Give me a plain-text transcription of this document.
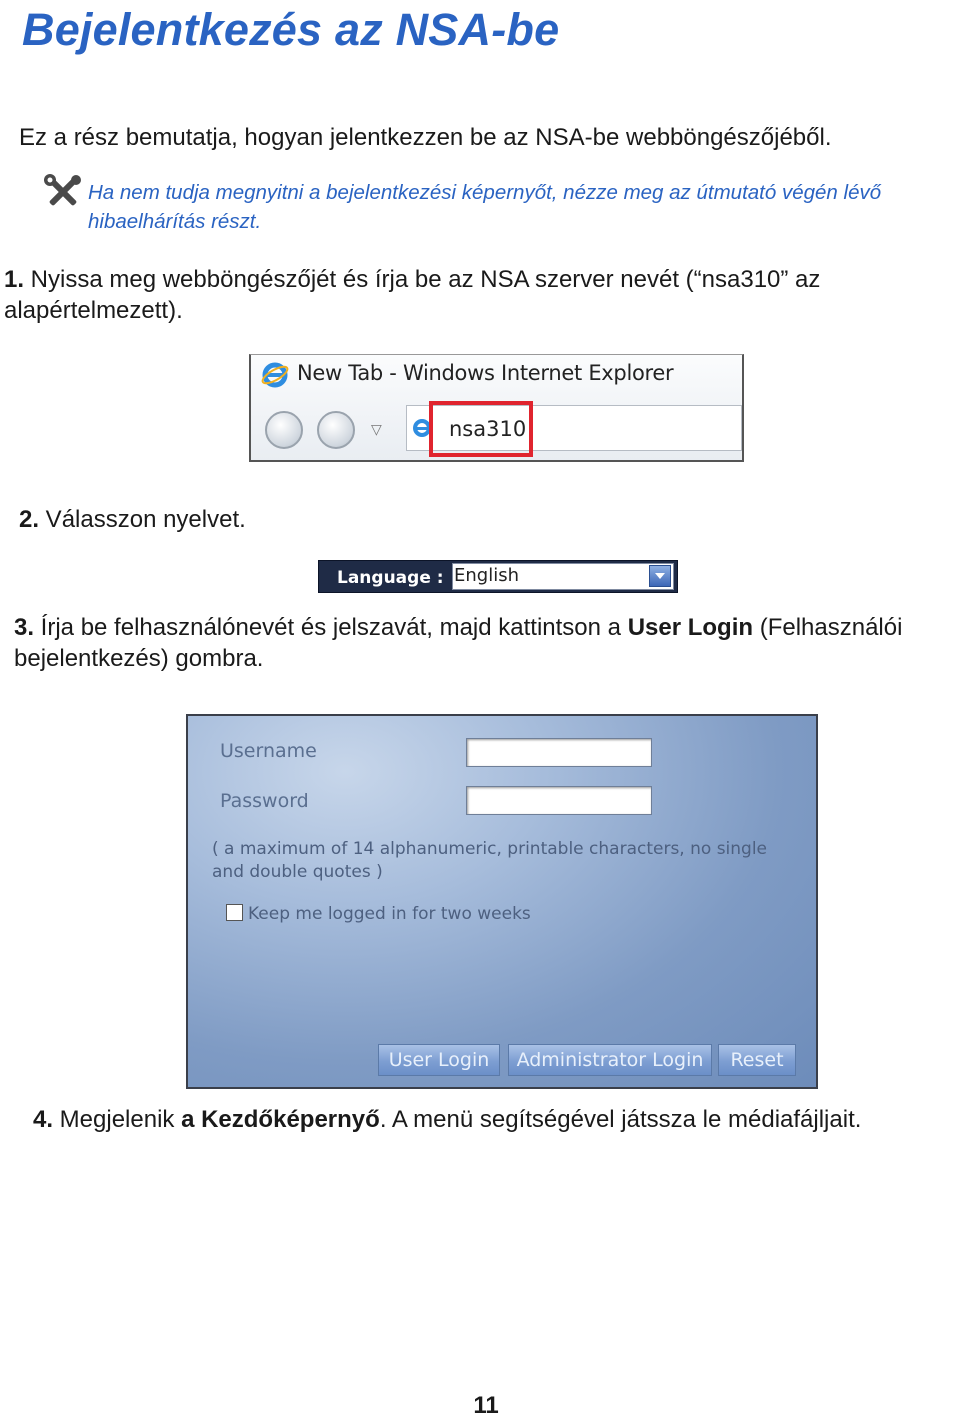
Bejelentkezés az NSA-be
Ez a rész bemutatja, hogyan jelentkezzen be az NSA-be webböngészőjéből.
Ha nem tudja megnyitni a bejelentkezési képernyőt, nézze meg az útmutató végén lévő hibaelhárítás részt.
1. Nyissa meg webböngészőjét és írja be az NSA szerver nevét (“nsa310” az alapértelmezett).
New Tab - Windows Internet Explorer
▽	nsa310
2. Válasszon nyelvet.
Language : English
3. Írja be felhasználónevét és jelszavát, majd kattintson a User Login (Felhasználói bejelentkezés) gombra.
Username
Password
( a maximum of 14 alphanumeric, printable characters, no single and double quotes )
Keep me logged in for two weeks
User Login	Administrator Login	Reset
4. Megjelenik a Kezdőképernyő. A menü segítségével játssza le médiafájljait.
11
